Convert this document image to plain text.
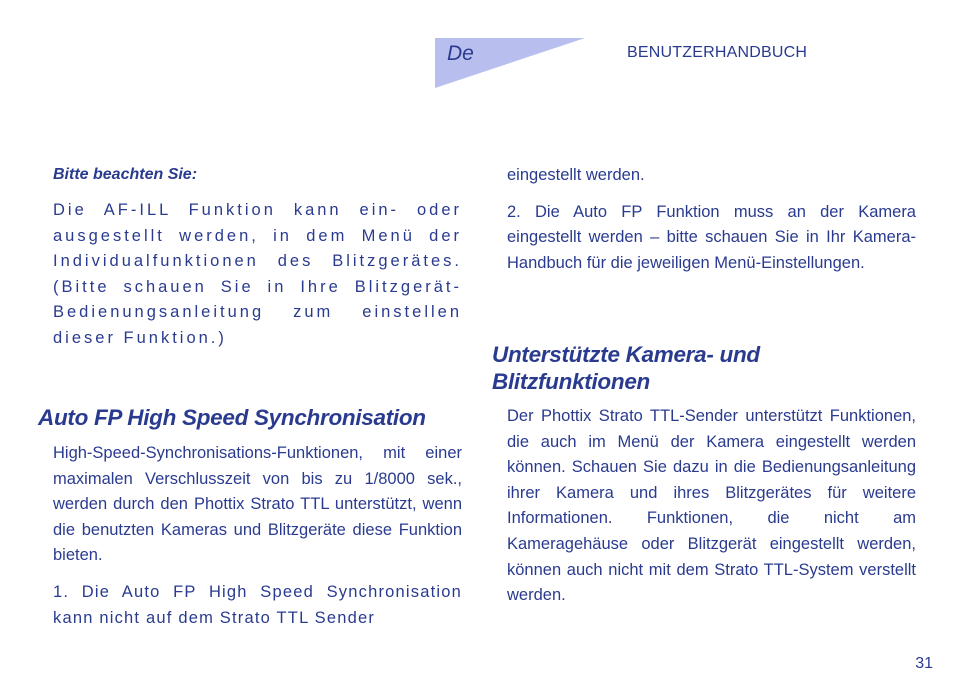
De	BENUTZERHANDBUCH

Bitte beachten Sie:

Die AF-ILL Funktion kann ein- oder ausgestellt werden, in dem Menü der Individualfunktionen des Blitzgerätes. (Bitte schauen Sie in Ihre Blitzgerät-Bedienungsanleitung zum einstellen dieser Funktion.)

Auto FP High Speed Synchronisation

High-Speed-Synchronisations-Funktionen, mit einer maximalen Verschlusszeit von bis zu 1/8000 sek., werden durch den Phottix Strato TTL unterstützt, wenn die benutzten Kameras und Blitzgeräte diese Funktion bieten.

1. Die Auto FP High Speed Synchronisation kann nicht auf dem Strato TTL Sender

eingestellt werden.

2. Die Auto FP Funktion muss an der Kamera eingestellt werden – bitte schauen Sie in Ihr Kamera-Handbuch für die jeweiligen Menü-Einstellungen.

Unterstützte Kamera- und Blitzfunktionen

Der Phottix Strato TTL-Sender unterstützt Funktionen, die auch im Menü der Kamera eingestellt werden können. Schauen Sie dazu in die Bedienungsanleitung ihrer Kamera und ihres Blitzgerätes für weitere Informationen. Funktionen, die nicht am Kameragehäuse oder Blitzgerät eingestellt werden, können auch nicht mit dem Strato TTL-System verstellt werden.

31
